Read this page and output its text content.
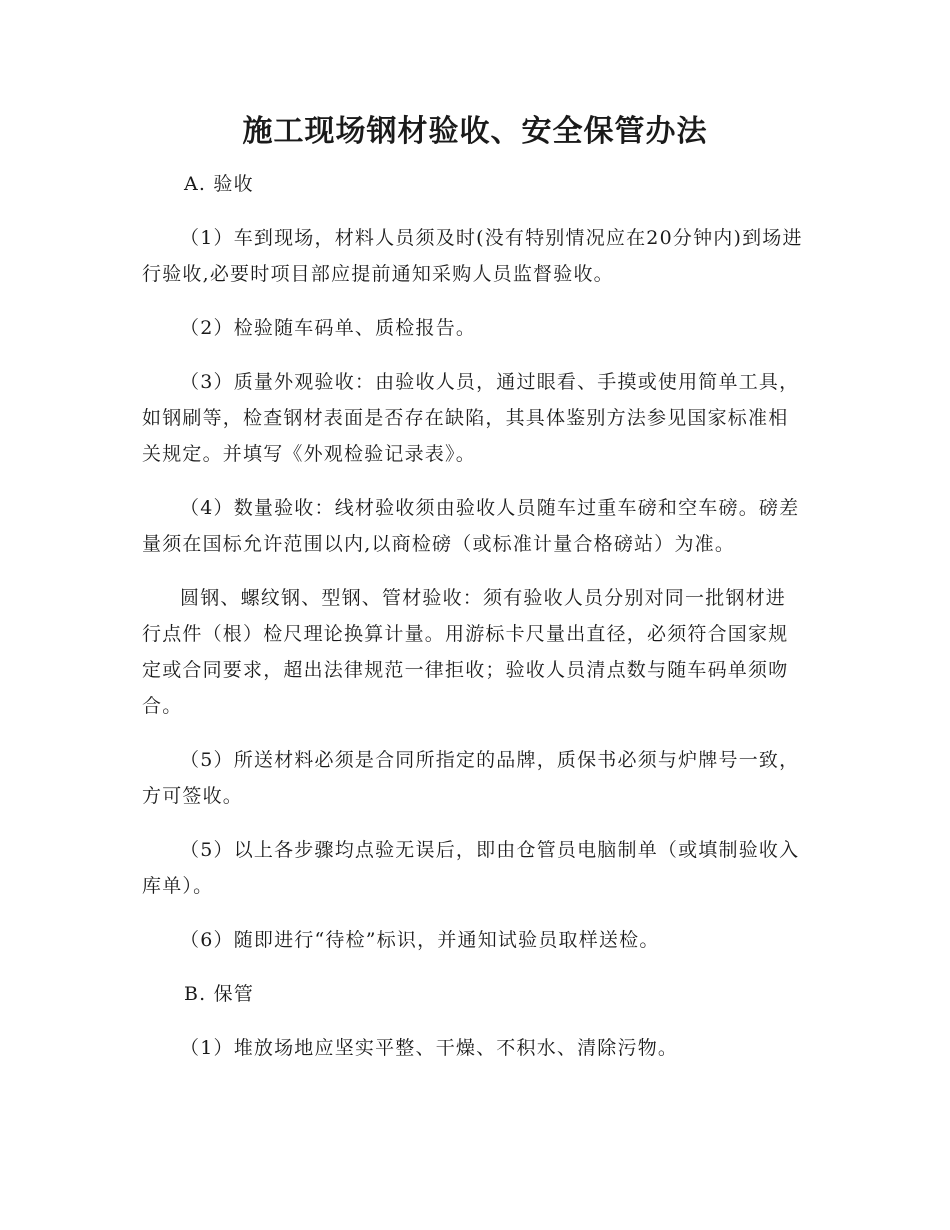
施工现场钢材验收、安全保管办法

A. 验收

（1）车到现场，材料人员须及时(没有特别情况应在20分钟内)到场进行验收,必要时项目部应提前通知采购人员监督验收。

（2）检验随车码单、质检报告。

（3）质量外观验收：由验收人员，通过眼看、手摸或使用简单工具，如钢刷等，检查钢材表面是否存在缺陷，其具体鉴别方法参见国家标准相关规定。并填写《外观检验记录表》。

（4）数量验收：线材验收须由验收人员随车过重车磅和空车磅。磅差量须在国标允许范围以内,以商检磅（或标准计量合格磅站）为准。

圆钢、螺纹钢、型钢、管材验收：须有验收人员分别对同一批钢材进行点件（根）检尺理论换算计量。用游标卡尺量出直径，必须符合国家规定或合同要求，超出法律规范一律拒收；验收人员清点数与随车码单须吻合。

（5）所送材料必须是合同所指定的品牌，质保书必须与炉牌号一致，方可签收。

（5）以上各步骤均点验无误后，即由仓管员电脑制单（或填制验收入库单）。

（6）随即进行“待检”标识，并通知试验员取样送检。

B. 保管

（1）堆放场地应坚实平整、干燥、不积水、清除污物。
